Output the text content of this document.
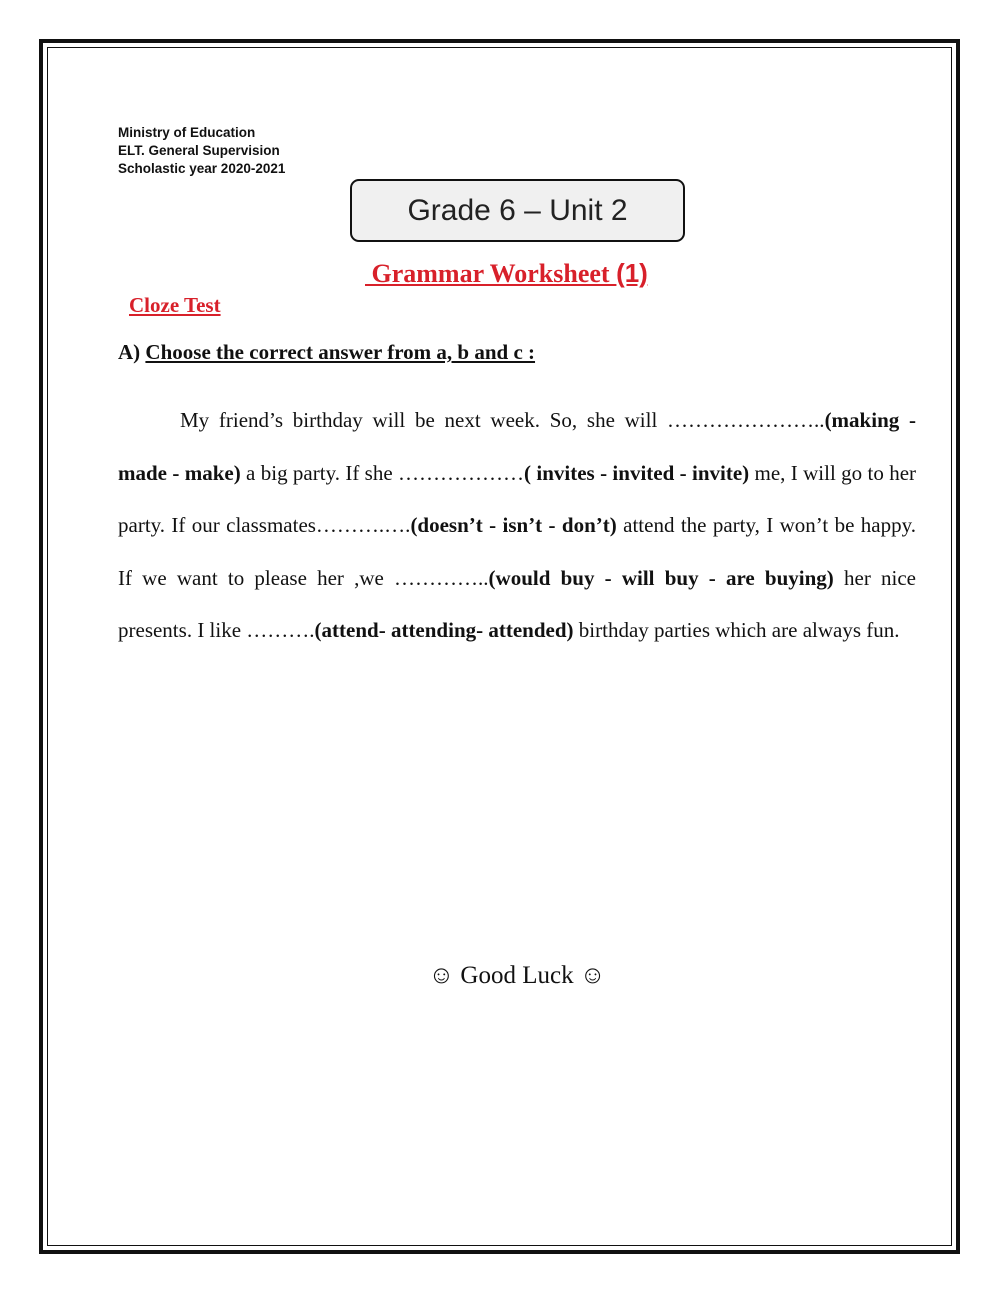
Ministry of Education
ELT. General Supervision
Scholastic year 2020-2021
Grade 6 – Unit 2
Grammar Worksheet (1)
Cloze Test
A) Choose the correct answer from a, b and c :
My friend’s birthday will be next week. So, she will …………………..(making - made - make) a big party. If she ………………( invites - invited - invite) me, I will go to her party. If our classmates……….….(doesn’t - isn’t - don’t) attend the party, I won’t be happy. If we want to please her ,we …………..(would buy - will buy - are buying) her nice presents. I like ……….(attend- attending- attended) birthday parties which are always fun.
☺ Good Luck ☺
